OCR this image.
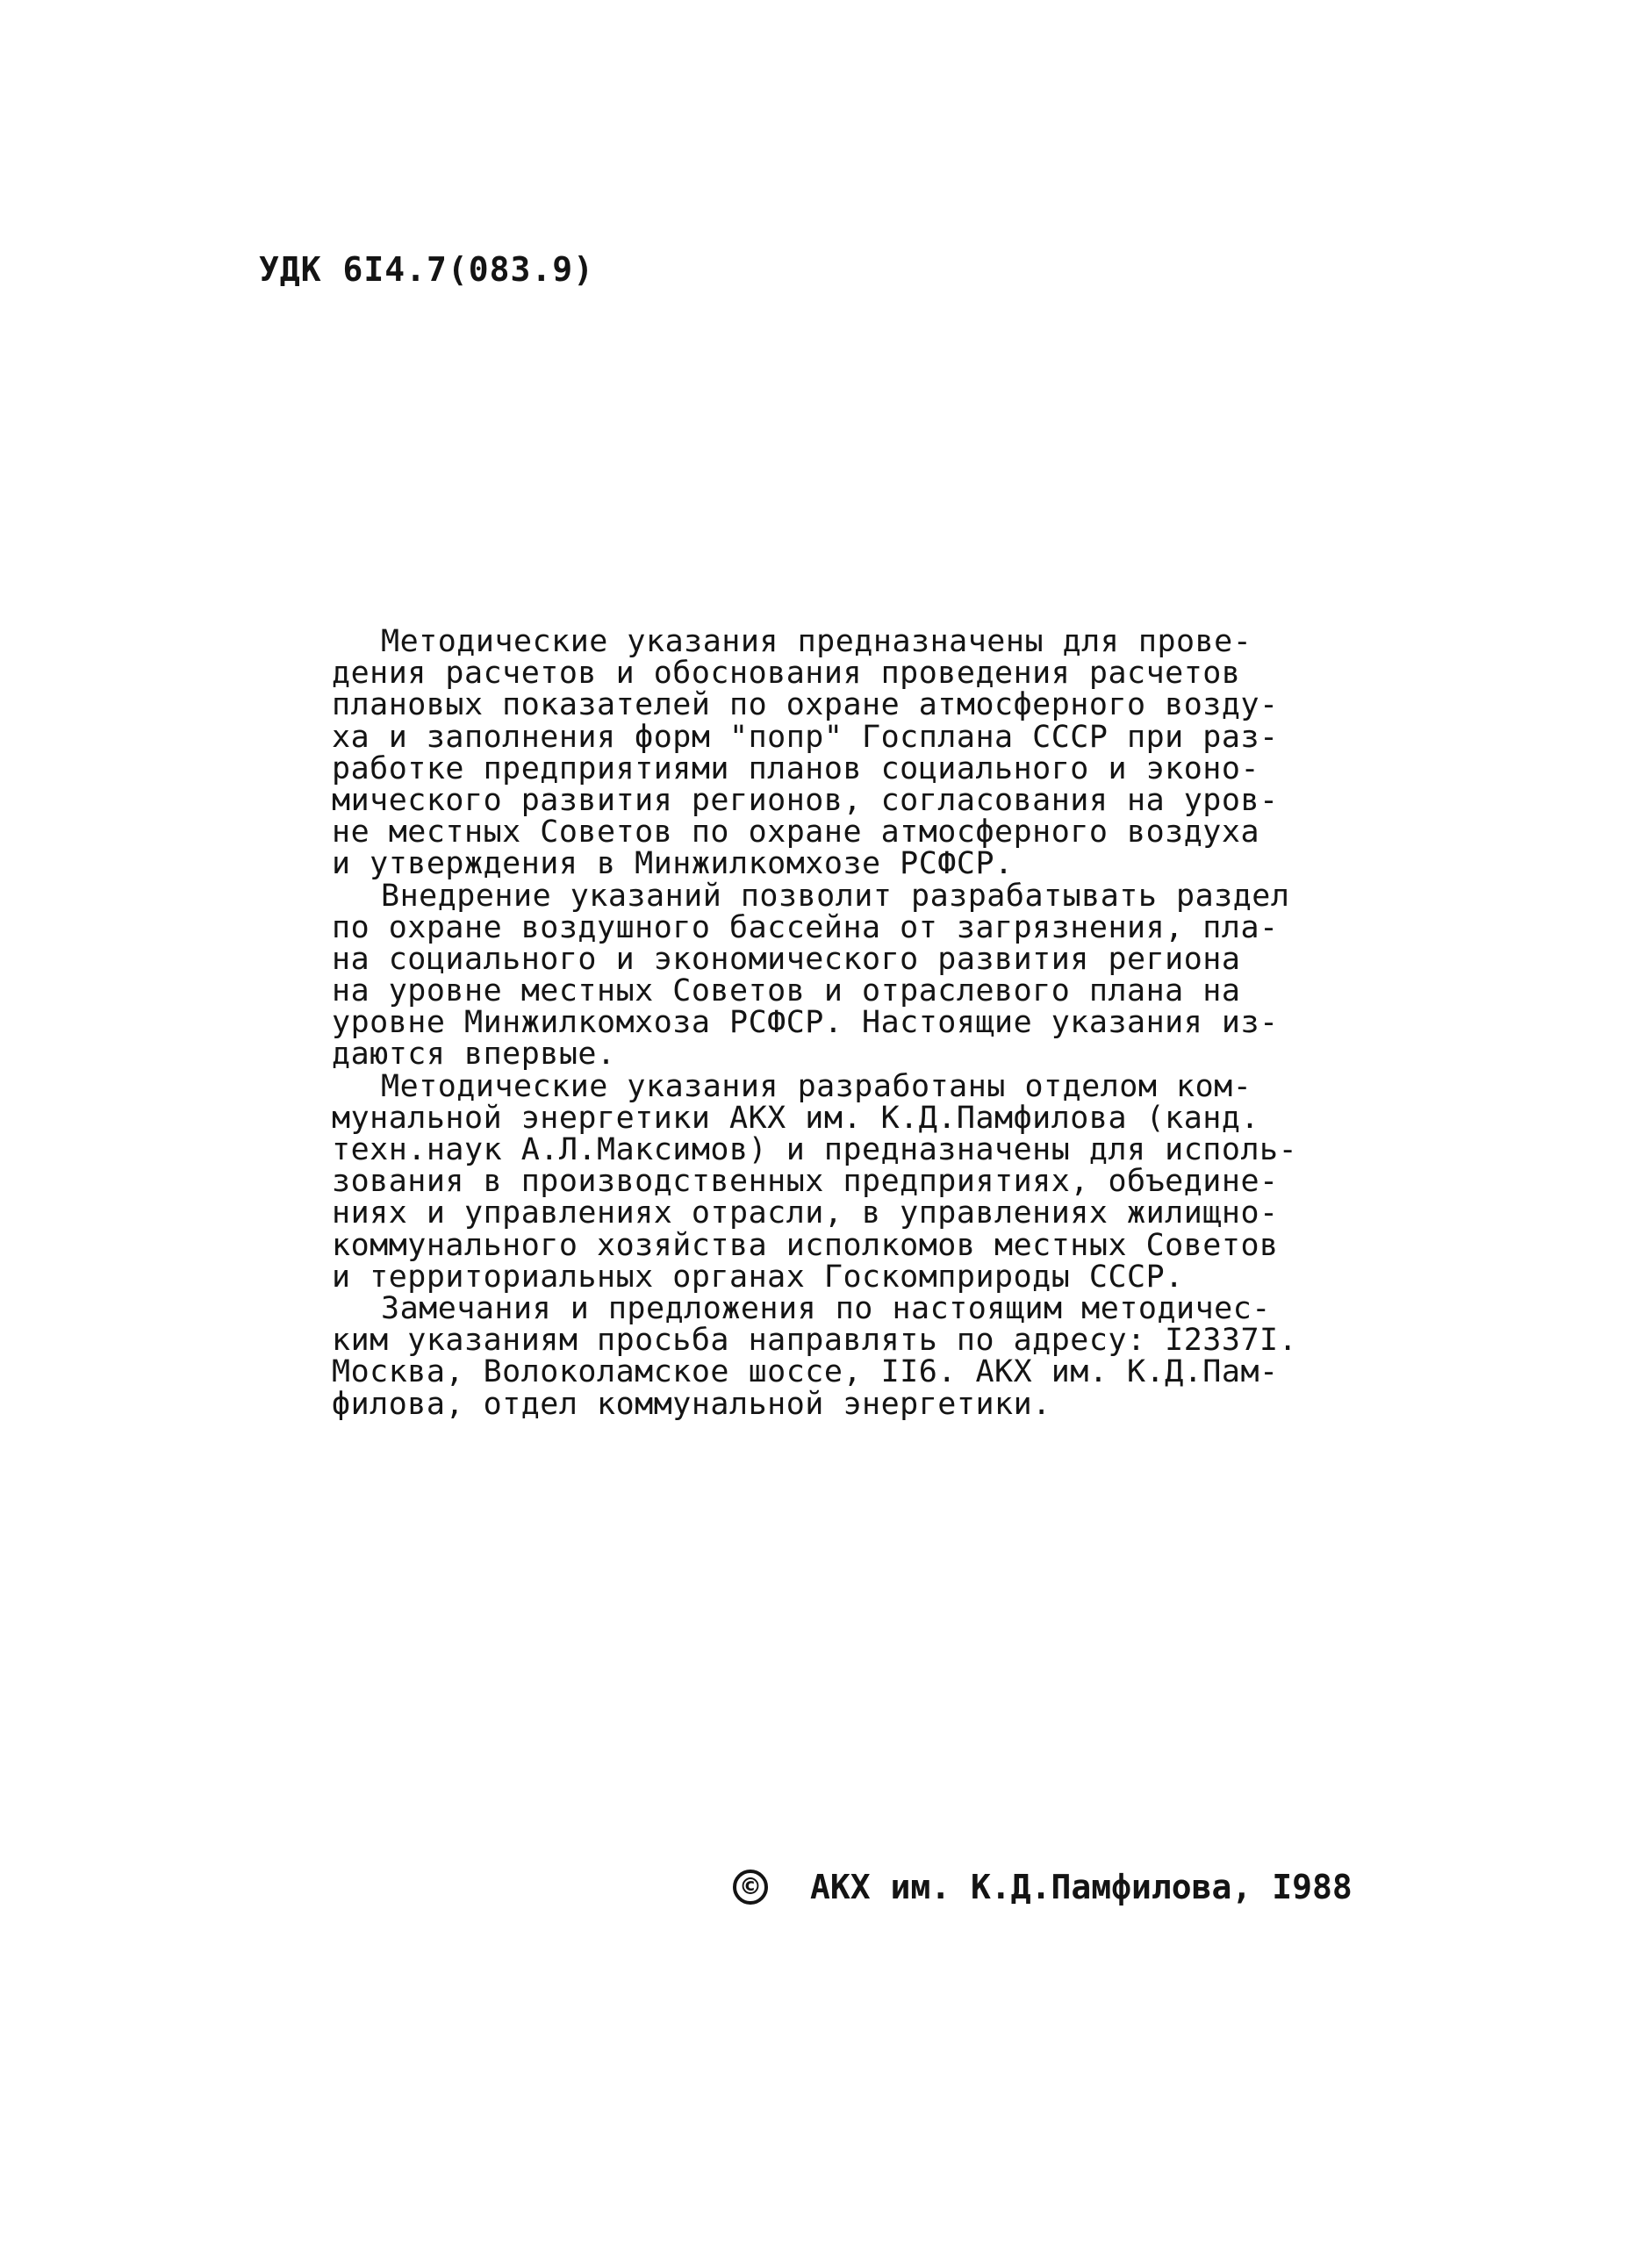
УДК 6I4.7(083.9)
Методические указания предназначены для прове-
дения расчетов и обоснования проведения расчетов
плановых показателей по охране атмосферного возду-
ха и заполнения форм "попр" Госплана СССР при раз-
работке предприятиями планов социального и эконо-
мического развития регионов, согласования на уров-
не местных Советов по охране атмосферного воздуха
и утверждения в Минжилкомхозе РСФСР.
Внедрение указаний позволит разрабатывать раздел
по охране воздушного бассейна от загрязнения, пла-
на социального и экономического развития региона
на уровне местных Советов и отраслевого плана на
уровне Минжилкомхоза РСФСР. Настоящие указания из-
даются впервые.
Методические указания разработаны отделом ком-
мунальной энергетики АКХ им. К.Д.Памфилова (канд.
техн.наук А.Л.Максимов) и предназначены для исполь-
зования в производственных предприятиях, объедине-
ниях и управлениях отрасли, в управлениях жилищно-
коммунального хозяйства исполкомов местных Советов
и территориальных органах Госкомприроды СССР.
Замечания и предложения по настоящим методичес-
ким указаниям просьба направлять по адресу: I2337I.
Москва, Волоколамское шоссе, II6. АКХ им. К.Д.Пам-
филова, отдел коммунальной энергетики.
© АКХ им. К.Д.Памфилова, I988
